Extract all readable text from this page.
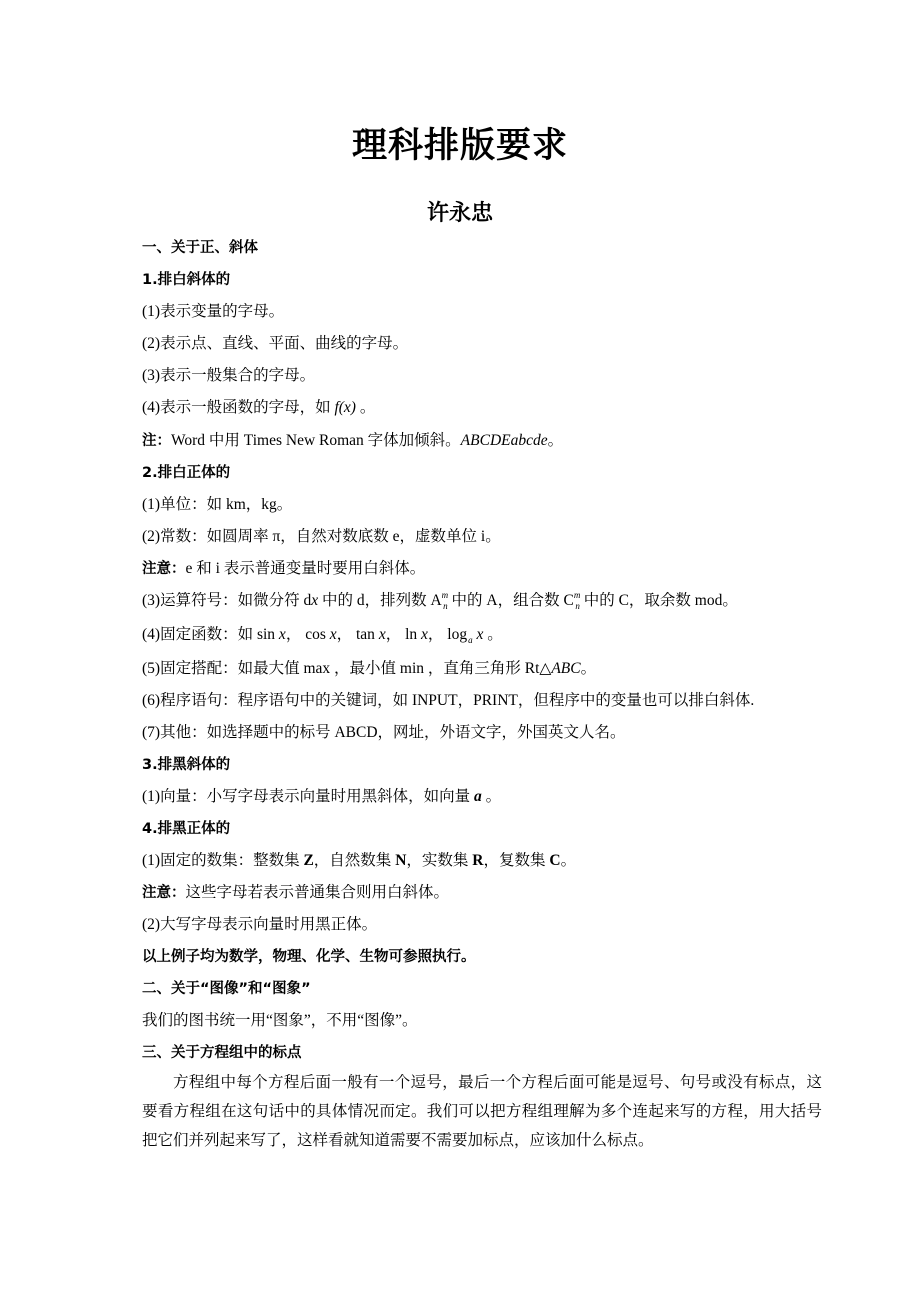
理科排版要求
许永忠
一、关于正、斜体
1.排白斜体的
(1)表示变量的字母。
(2)表示点、直线、平面、曲线的字母。
(3)表示一般集合的字母。
(4)表示一般函数的字母，如 f(x) 。
注：Word 中用 Times New Roman 字体加倾斜。ABCDEabcde。
2.排白正体的
(1)单位：如 km，kg。
(2)常数：如圆周率 π，自然对数底数 e，虚数单位 i。
注意：e 和 i 表示普通变量时要用白斜体。
(3)运算符号：如微分符 dx 中的 d，排列数 $A^m_n$ 中的 A，组合数 $C^m_n$ 中的 C，取余数 mod。
(4)固定函数：如 sin x， cos x， tan x， ln x， $\log_a x$ 。
(5)固定搭配：如最大值 max ，最小值 min ，直角三角形 Rt△ABC。
(6)程序语句：程序语句中的关键词，如 INPUT，PRINT，但程序中的变量也可以排白斜体.
(7)其他：如选择题中的标号 ABCD，网址，外语文字，外国英文人名。
3.排黑斜体的
(1)向量：小写字母表示向量时用黑斜体，如向量 a 。
4.排黑正体的
(1)固定的数集：整数集 Z，自然数集 N，实数集 R，复数集 C。
注意：这些字母若表示普通集合则用白斜体。
(2)大写字母表示向量时用黑正体。
以上例子均为数学，物理、化学、生物可参照执行。
二、关于“图像”和“图象”
我们的图书统一用“图象”，不用“图像”。
三、关于方程组中的标点
方程组中每个方程后面一般有一个逗号，最后一个方程后面可能是逗号、句号或没有标点，这要看方程组在这句话中的具体情况而定。我们可以把方程组理解为多个连起来写的方程，用大括号把它们并列起来写了，这样看就知道需要不需要加标点，应该加什么标点。
